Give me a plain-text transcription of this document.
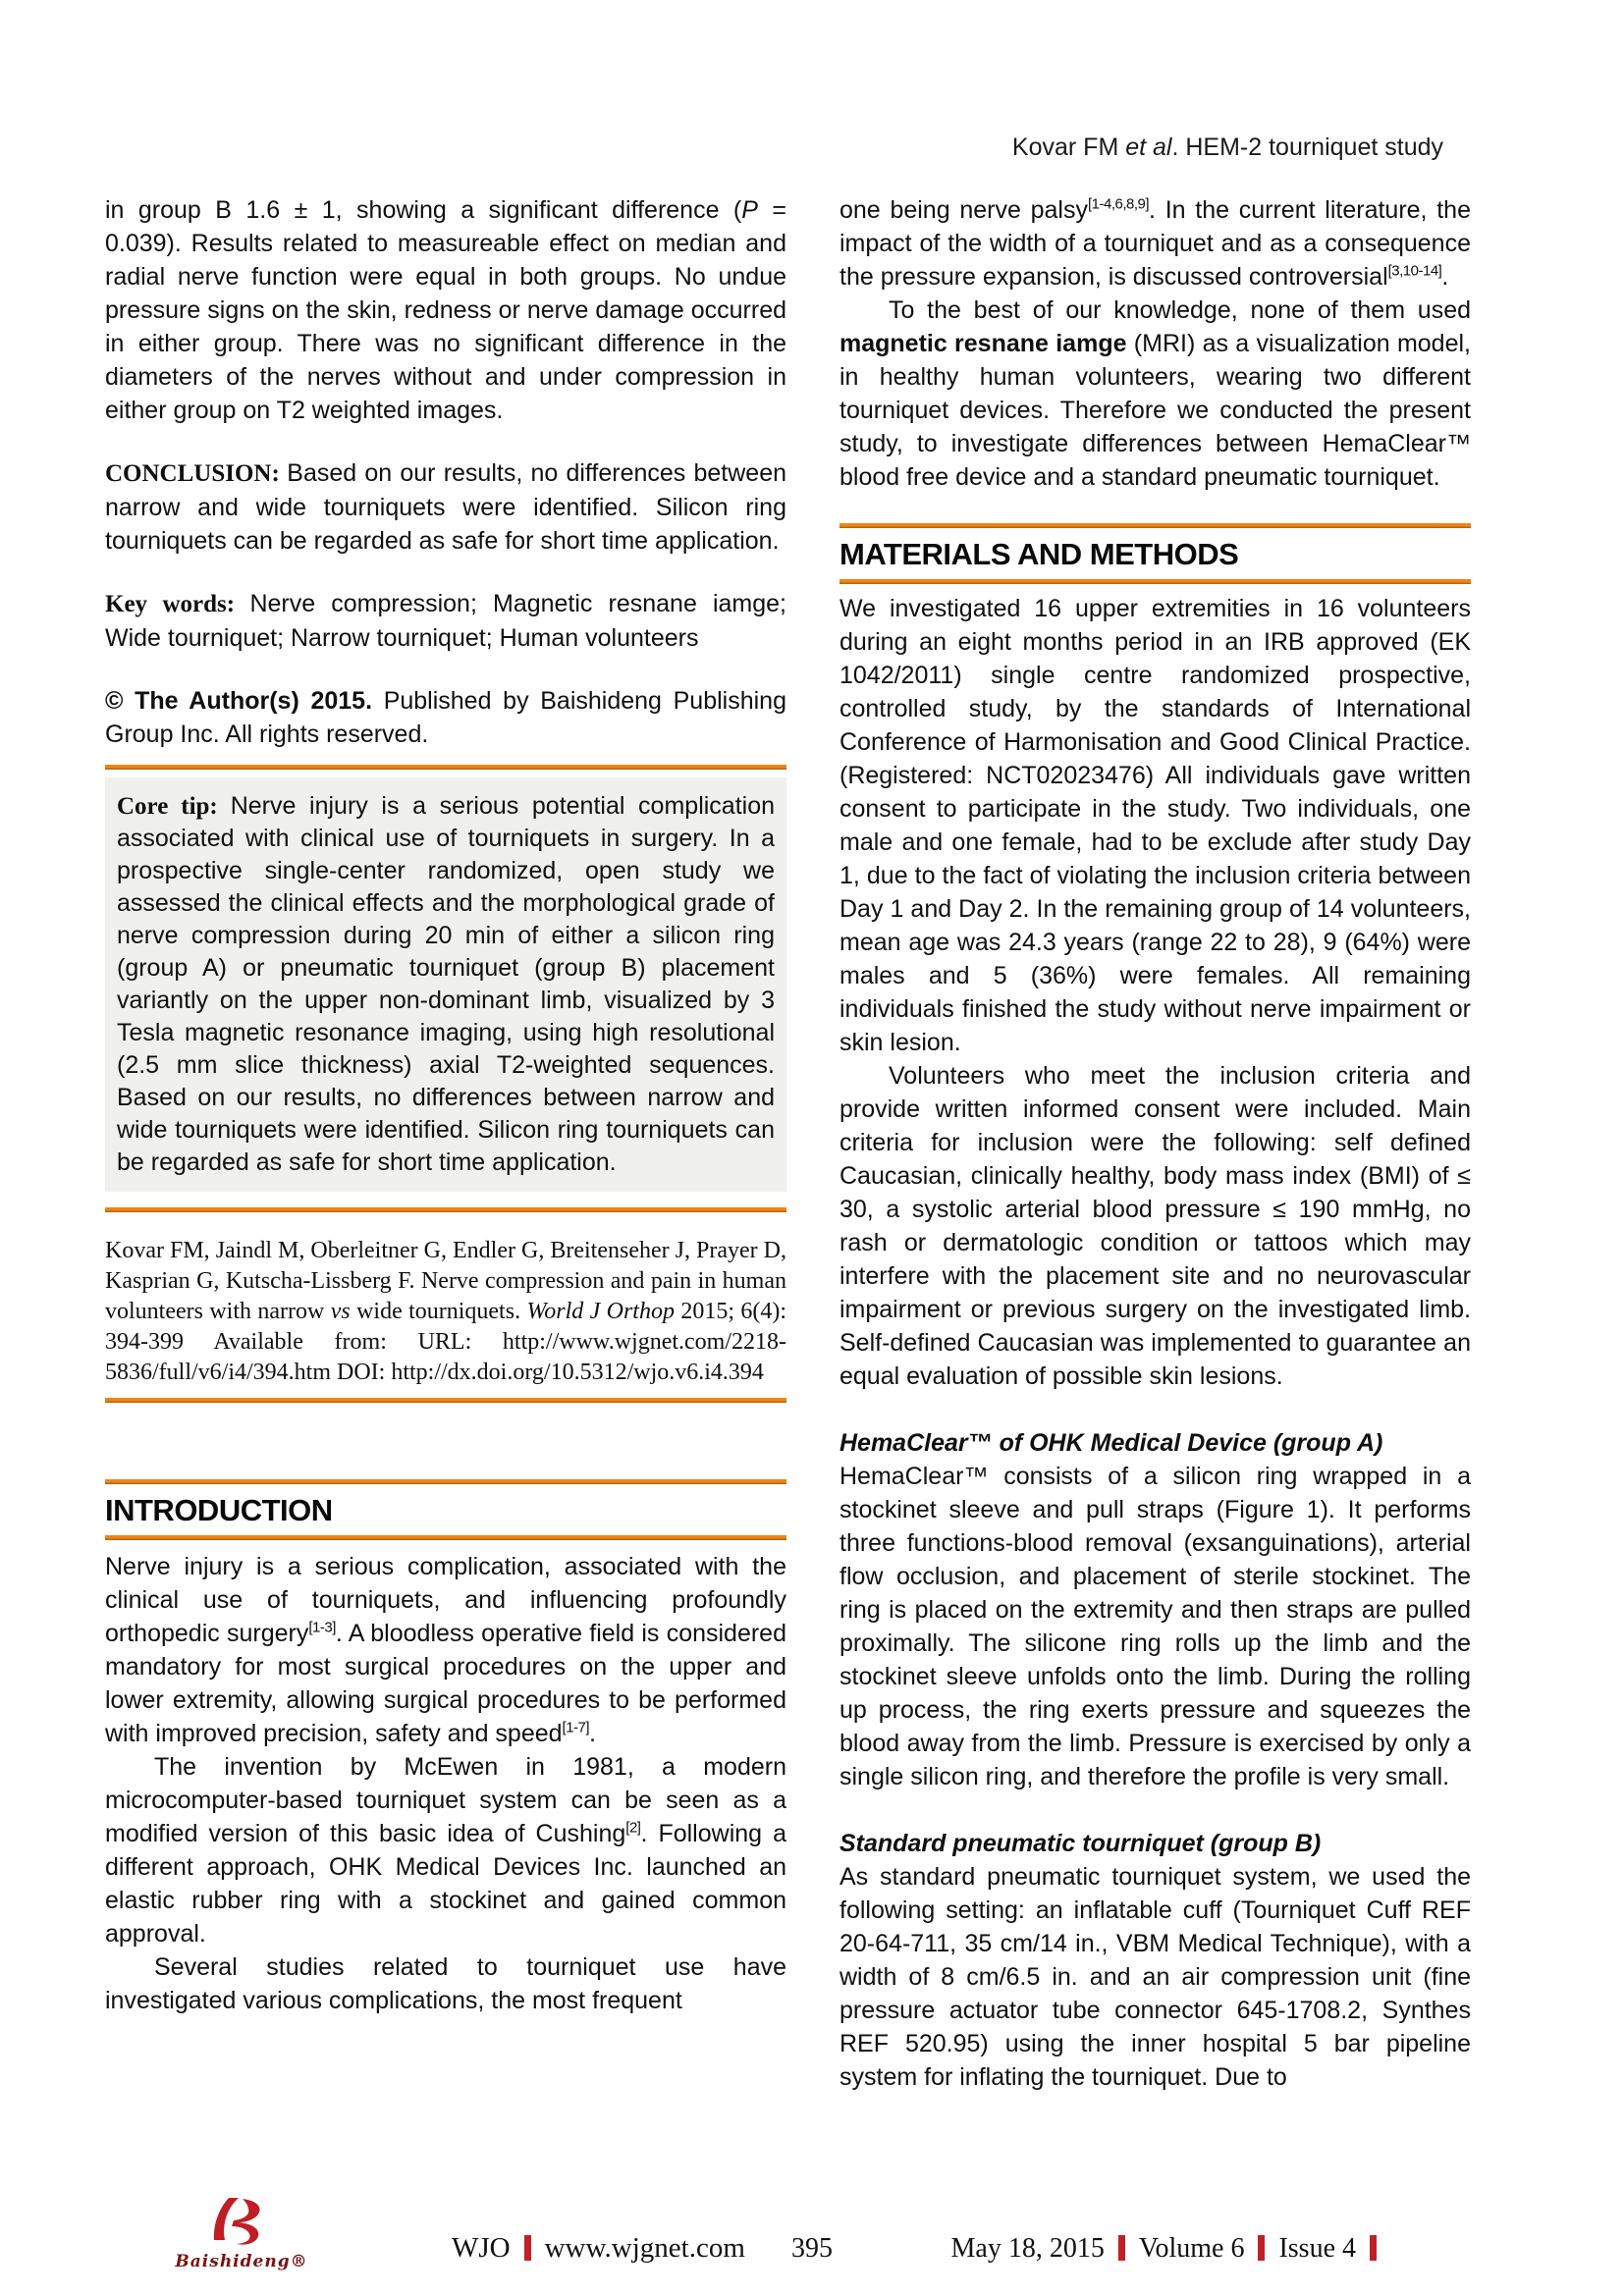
Kovar FM et al. HEM-2 tourniquet study

in group B 1.6 ± 1, showing a significant difference (P = 0.039). Results related to measureable effect on median and radial nerve function were equal in both groups. No undue pressure signs on the skin, redness or nerve damage occurred in either group. There was no significant difference in the diameters of the nerves without and under compression in either group on T2 weighted images.

CONCLUSION: Based on our results, no differences between narrow and wide tourniquets were identified. Silicon ring tourniquets can be regarded as safe for short time application.

Key words: Nerve compression; Magnetic resnane iamge; Wide tourniquet; Narrow tourniquet; Human volunteers

© The Author(s) 2015. Published by Baishideng Publishing Group Inc. All rights reserved.

Core tip: Nerve injury is a serious potential complication associated with clinical use of tourniquets in surgery. In a prospective single-center randomized, open study we assessed the clinical effects and the morphological grade of nerve compression during 20 min of either a silicon ring (group A) or pneumatic tourniquet (group B) placement variantly on the upper non-dominant limb, visualized by 3 Tesla magnetic resonance imaging, using high resolutional (2.5 mm slice thickness) axial T2-weighted sequences. Based on our results, no differences between narrow and wide tourniquets were identified. Silicon ring tourniquets can be regarded as safe for short time application.
Kovar FM, Jaindl M, Oberleitner G, Endler G, Breitenseher J, Prayer D, Kasprian G, Kutscha-Lissberg F. Nerve compression and pain in human volunteers with narrow vs wide tourniquets. World J Orthop 2015; 6(4): 394-399 Available from: URL: http://www.wjgnet.com/2218-5836/full/v6/i4/394.htm DOI: http://dx.doi.org/10.5312/wjo.v6.i4.394
INTRODUCTION

Nerve injury is a serious complication, associated with the clinical use of tourniquets, and influencing profoundly orthopedic surgery[1-3]. A bloodless operative field is considered mandatory for most surgical procedures on the upper and lower extremity, allowing surgical procedures to be performed with improved precision, safety and speed[1-7].

The invention by McEwen in 1981, a modern microcomputer-based tourniquet system can be seen as a modified version of this basic idea of Cushing[2]. Following a different approach, OHK Medical Devices Inc. launched an elastic rubber ring with a stockinet and gained common approval.

Several studies related to tourniquet use have investigated various complications, the most frequent

one being nerve palsy[1-4,6,8,9]. In the current literature, the impact of the width of a tourniquet and as a consequence the pressure expansion, is discussed controversial[3,10-14].

To the best of our knowledge, none of them used magnetic resnane iamge (MRI) as a visualization model, in healthy human volunteers, wearing two different tourniquet devices. Therefore we conducted the present study, to investigate differences between HemaClear™ blood free device and a standard pneumatic tourniquet.

MATERIALS AND METHODS

We investigated 16 upper extremities in 16 volunteers during an eight months period in an IRB approved (EK 1042/2011) single centre randomized prospective, controlled study, by the standards of International Conference of Harmonisation and Good Clinical Practice. (Registered: NCT02023476) All individuals gave written consent to participate in the study. Two individuals, one male and one female, had to be exclude after study Day 1, due to the fact of violating the inclusion criteria between Day 1 and Day 2. In the remaining group of 14 volunteers, mean age was 24.3 years (range 22 to 28), 9 (64%) were males and 5 (36%) were females. All remaining individuals finished the study without nerve impairment or skin lesion.

Volunteers who meet the inclusion criteria and provide written informed consent were included. Main criteria for inclusion were the following: self defined Caucasian, clinically healthy, body mass index (BMI) of ≤ 30, a systolic arterial blood pressure ≤ 190 mmHg, no rash or dermatologic condition or tattoos which may interfere with the placement site and no neurovascular impairment or previous surgery on the investigated limb. Self-defined Caucasian was implemented to guarantee an equal evaluation of possible skin lesions.

HemaClear™ of OHK Medical Device (group A)

HemaClear™ consists of a silicon ring wrapped in a stockinet sleeve and pull straps (Figure 1). It performs three functions-blood removal (exsanguinations), arterial flow occlusion, and placement of sterile stockinet. The ring is placed on the extremity and then straps are pulled proximally. The silicone ring rolls up the limb and the stockinet sleeve unfolds onto the limb. During the rolling up process, the ring exerts pressure and squeezes the blood away from the limb. Pressure is exercised by only a single silicon ring, and therefore the profile is very small.

Standard pneumatic tourniquet (group B)

As standard pneumatic tourniquet system, we used the following setting: an inflatable cuff (Tourniquet Cuff REF 20-64-711, 35 cm/14 in., VBM Medical Technique), with a width of 8 cm/6.5 in. and an air compression unit (fine pressure actuator tube connector 645-1708.2, Synthes REF 520.95) using the inner hospital 5 bar pipeline system for inflating the tourniquet. Due to

Baishideng®	WJO www.wjgnet.com	395	May 18, 2015 Volume 6 Issue 4
